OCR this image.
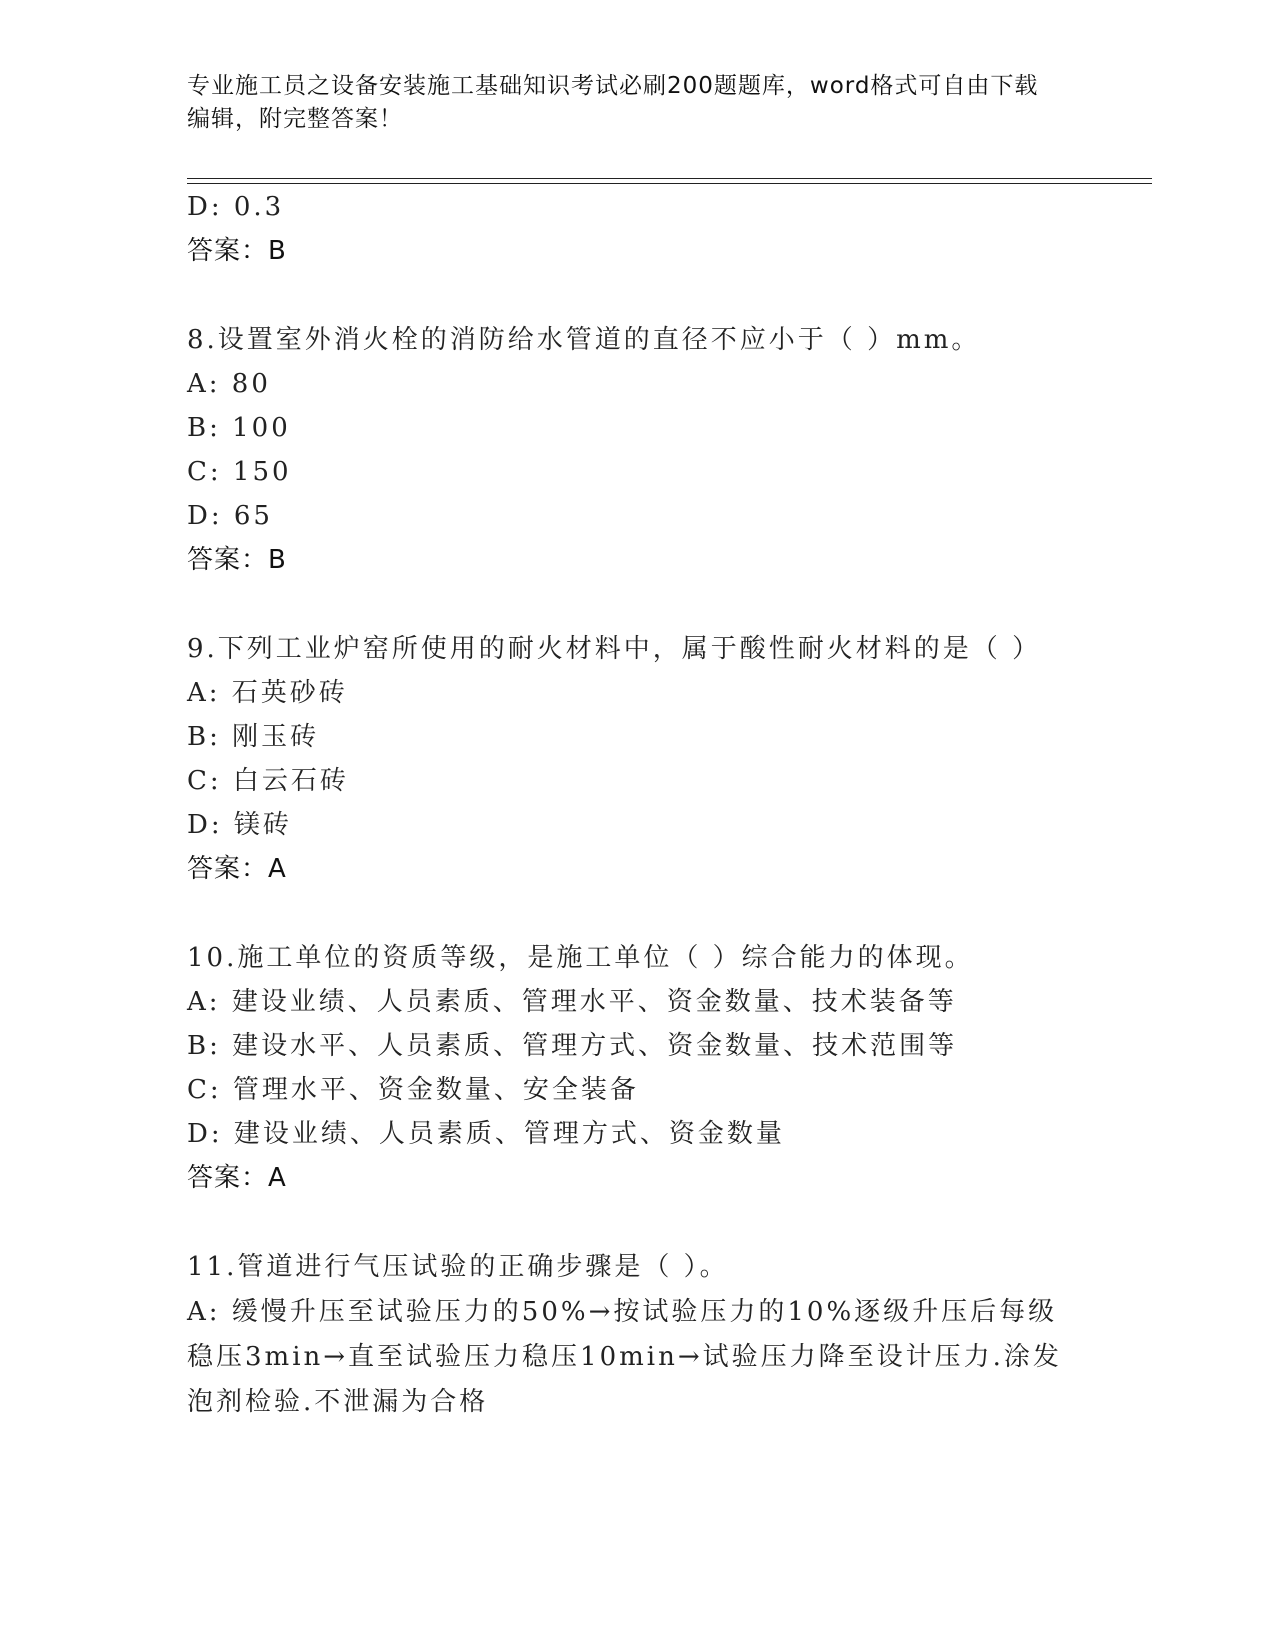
专业施工员之设备安装施工基础知识考试必刷200题题库，word格式可自由下载
编辑，附完整答案！
D: 0.3
答案：B
8.设置室外消火栓的消防给水管道的直径不应小于（ ）mm。
A: 80
B: 100
C: 150
D: 65
答案：B
9.下列工业炉窑所使用的耐火材料中，属于酸性耐火材料的是（ ）
A: 石英砂砖
B: 刚玉砖
C: 白云石砖
D: 镁砖
答案：A
10.施工单位的资质等级，是施工单位（ ）综合能力的体现。
A: 建设业绩、人员素质、管理水平、资金数量、技术装备等
B: 建设水平、人员素质、管理方式、资金数量、技术范围等
C: 管理水平、资金数量、安全装备
D: 建设业绩、人员素质、管理方式、资金数量
答案：A
11.管道进行气压试验的正确步骤是（ ）。
A: 缓慢升压至试验压力的50%→按试验压力的10%逐级升压后每级稳压3min→直至试验压力稳压10min→试验压力降至设计压力.涂发泡剂检验.不泄漏为合格
